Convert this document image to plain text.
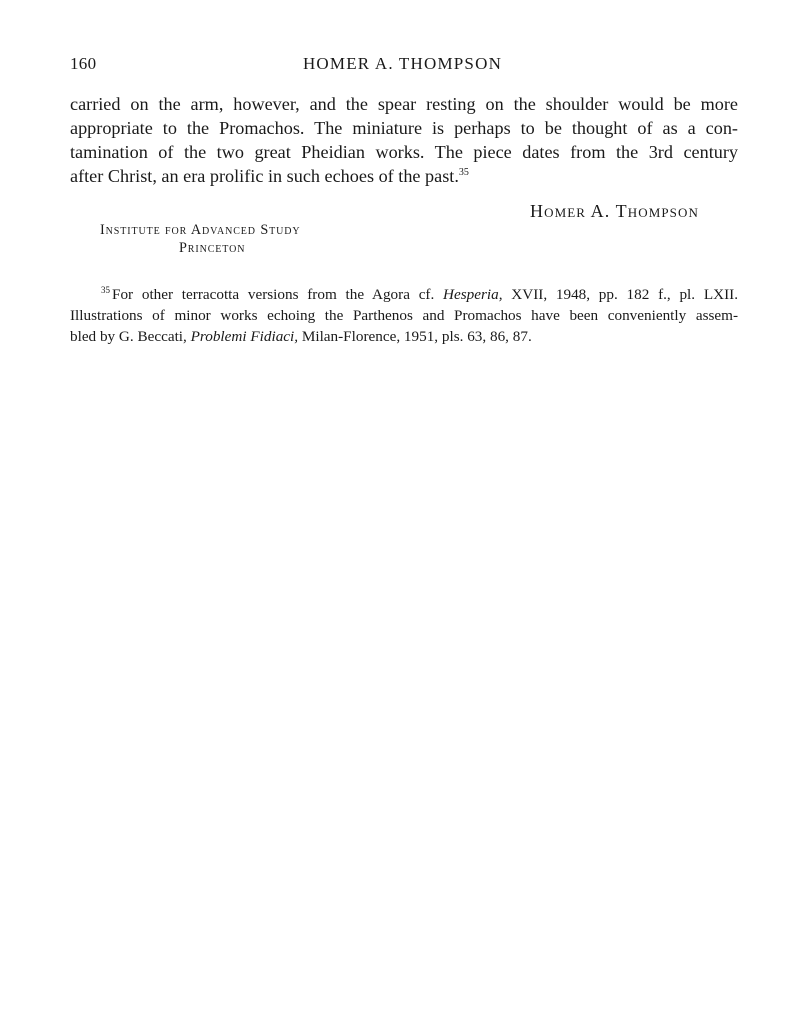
160	HOMER A. THOMPSON
carried on the arm, however, and the spear resting on the shoulder would be more
appropriate to the Promachos. The miniature is perhaps to be thought of as a con-
tamination of the two great Pheidian works. The piece dates from the 3rd century
after Christ, an era prolific in such echoes of the past.$^{35}$
Homer A. Thompson
Institute for Advanced Study
Princeton
$^{35}$ For other terracotta versions from the Agora cf. Hesperia, XVII, 1948, pp. 182 f., pl. LXII.
Illustrations of minor works echoing the Parthenos and Promachos have been conveniently assem-
bled by G. Beccati, Problemi Fidiaci, Milan-Florence, 1951, pls. 63, 86, 87.
